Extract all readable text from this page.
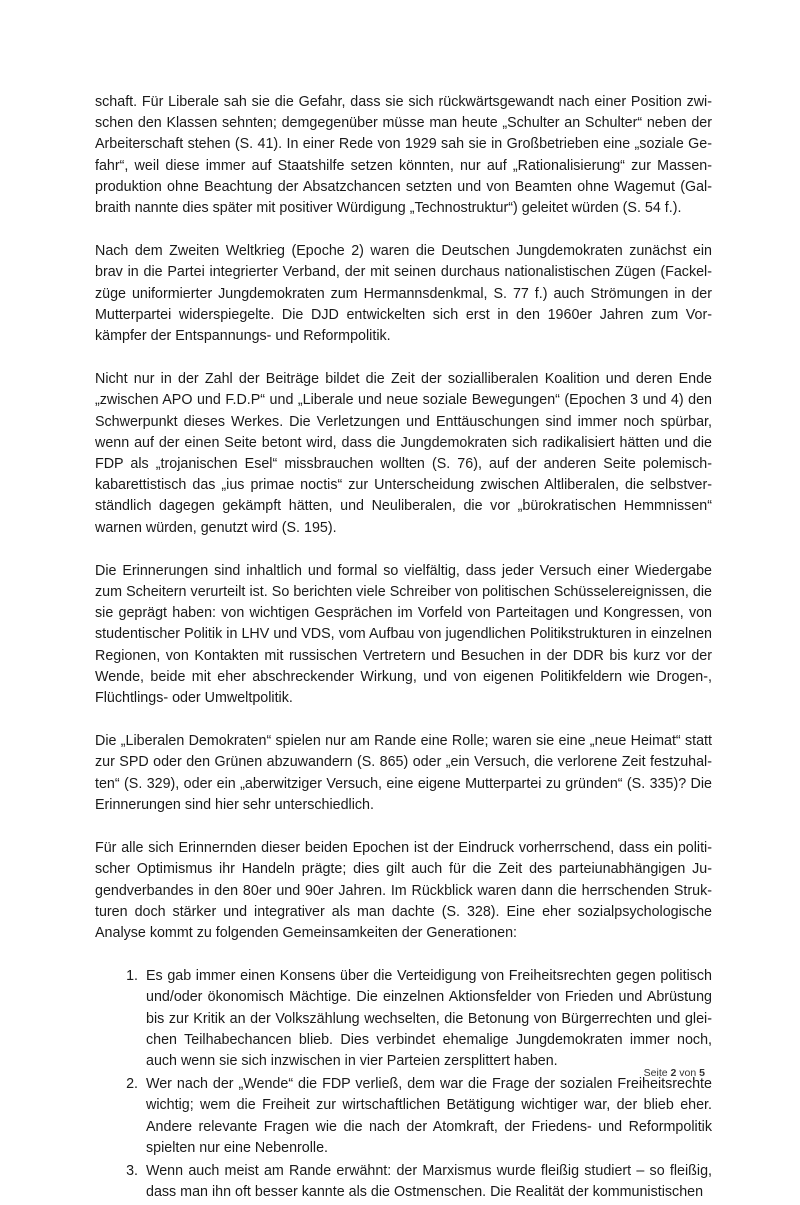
schaft. Für Liberale sah sie die Gefahr, dass sie sich rückwärtsgewandt nach einer Position zwischen den Klassen sehnten; demgegenüber müsse man heute „Schulter an Schulter“ neben der Arbeiterschaft stehen (S. 41). In einer Rede von 1929 sah sie in Großbetrieben eine „soziale Gefahr“, weil diese immer auf Staatshilfe setzen könnten, nur auf „Rationalisierung“ zur Massenproduktion ohne Beachtung der Absatzchancen setzten und von Beamten ohne Wagemut (Galbraith nannte dies später mit positiver Würdigung „Technostruktur“) geleitet würden (S. 54 f.).

Nach dem Zweiten Weltkrieg (Epoche 2) waren die Deutschen Jungdemokraten zunächst ein brav in die Partei integrierter Verband, der mit seinen durchaus nationalistischen Zügen (Fackelzüge uniformierter Jungdemokraten zum Hermannsdenkmal, S. 77 f.) auch Strömungen in der Mutterpartei widerspiegelte. Die DJD entwickelten sich erst in den 1960er Jahren zum Vorkämpfer der Entspannungs- und Reformpolitik.

Nicht nur in der Zahl der Beiträge bildet die Zeit der sozialliberalen Koalition und deren Ende „zwischen APO und F.D.P“ und „Liberale und neue soziale Bewegungen“ (Epochen 3 und 4) den Schwerpunkt dieses Werkes. Die Verletzungen und Enttäuschungen sind immer noch spürbar, wenn auf der einen Seite betont wird, dass die Jungdemokraten sich radikalisiert hätten und die FDP als „trojanischen Esel“ missbrauchen wollten (S. 76), auf der anderen Seite polemisch-kabarettistisch das „ius primae noctis“ zur Unterscheidung zwischen Altliberalen, die selbstverständlich dagegen gekämpft hätten, und Neuliberalen, die vor „bürokratischen Hemmnissen“ warnen würden, genutzt wird (S. 195).

Die Erinnerungen sind inhaltlich und formal so vielfältig, dass jeder Versuch einer Wiedergabe zum Scheitern verurteilt ist. So berichten viele Schreiber von politischen Schüsselereignissen, die sie geprägt haben: von wichtigen Gesprächen im Vorfeld von Parteitagen und Kongressen, von studentischer Politik in LHV und VDS, vom Aufbau von jugendlichen Politikstrukturen in einzelnen Regionen, von Kontakten mit russischen Vertretern und Besuchen in der DDR bis kurz vor der Wende, beide mit eher abschreckender Wirkung, und von eigenen Politikfeldern wie Drogen-, Flüchtlings- oder Umweltpolitik.

Die „Liberalen Demokraten“ spielen nur am Rande eine Rolle; waren sie eine „neue Heimat“ statt zur SPD oder den Grünen abzuwandern (S. 865) oder „ein Versuch, die verlorene Zeit festzuhalten“ (S. 329), oder ein „aberwitziger Versuch, eine eigene Mutterpartei zu gründen“ (S. 335)? Die Erinnerungen sind hier sehr unterschiedlich.

Für alle sich Erinnernden dieser beiden Epochen ist der Eindruck vorherrschend, dass ein politischer Optimismus ihr Handeln prägte; dies gilt auch für die Zeit des parteiunabhängigen Jugendverbandes in den 80er und 90er Jahren. Im Rückblick waren dann die herrschenden Strukturen doch stärker und integrativer als man dachte (S. 328). Eine eher sozialpsychologische Analyse kommt zu folgenden Gemeinsamkeiten der Generationen:

1. Es gab immer einen Konsens über die Verteidigung von Freiheitsrechten gegen politisch und/oder ökonomisch Mächtige. Die einzelnen Aktionsfelder von Frieden und Abrüstung bis zur Kritik an der Volkszählung wechselten, die Betonung von Bürgerrechten und gleichen Teilhabechancen blieb. Dies verbindet ehemalige Jungdemokraten immer noch, auch wenn sie sich inzwischen in vier Parteien zersplittert haben.
2. Wer nach der „Wende“ die FDP verließ, dem war die Frage der sozialen Freiheitsrechte wichtig; wem die Freiheit zur wirtschaftlichen Betätigung wichtiger war, der blieb eher. Andere relevante Fragen wie die nach der Atomkraft, der Friedens- und Reformpolitik spielten nur eine Nebenrolle.
3. Wenn auch meist am Rande erwähnt: der Marxismus wurde fleißig studiert – so fleißig, dass man ihn oft besser kannte als die Ostmenschen. Die Realität der kommunistischen
Seite 2 von 5
